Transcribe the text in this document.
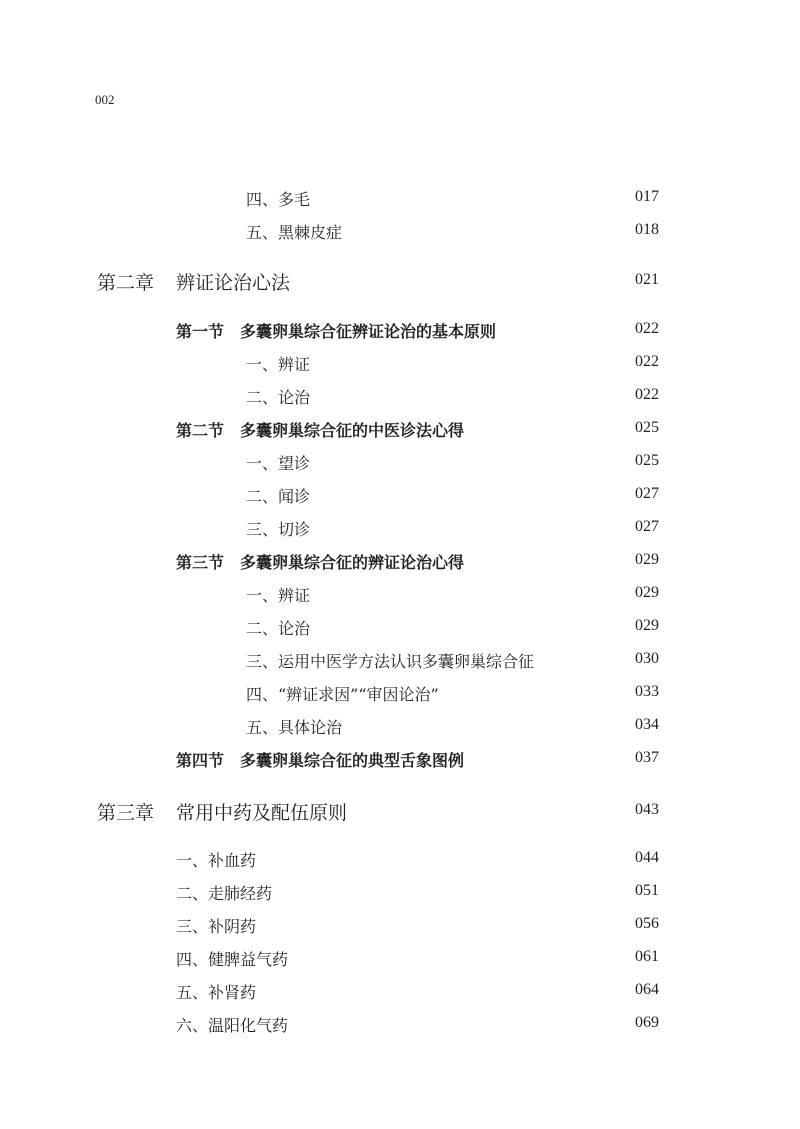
002
四、多毛	017
五、黑棘皮症	018
第二章 辨证论治心法	021
第一节 多囊卵巢综合征辨证论治的基本原则	022
一、辨证	022
二、论治	022
第二节 多囊卵巢综合征的中医诊法心得	025
一、望诊	025
二、闻诊	027
三、切诊	027
第三节 多囊卵巢综合征的辨证论治心得	029
一、辨证	029
二、论治	029
三、运用中医学方法认识多囊卵巢综合征	030
四、“辨证求因”“审因论治”	033
五、具体论治	034
第四节 多囊卵巢综合征的典型舌象图例	037
第三章 常用中药及配伍原则	043
一、补血药	044
二、走肺经药	051
三、补阴药	056
四、健脾益气药	061
五、补肾药	064
六、温阳化气药	069
